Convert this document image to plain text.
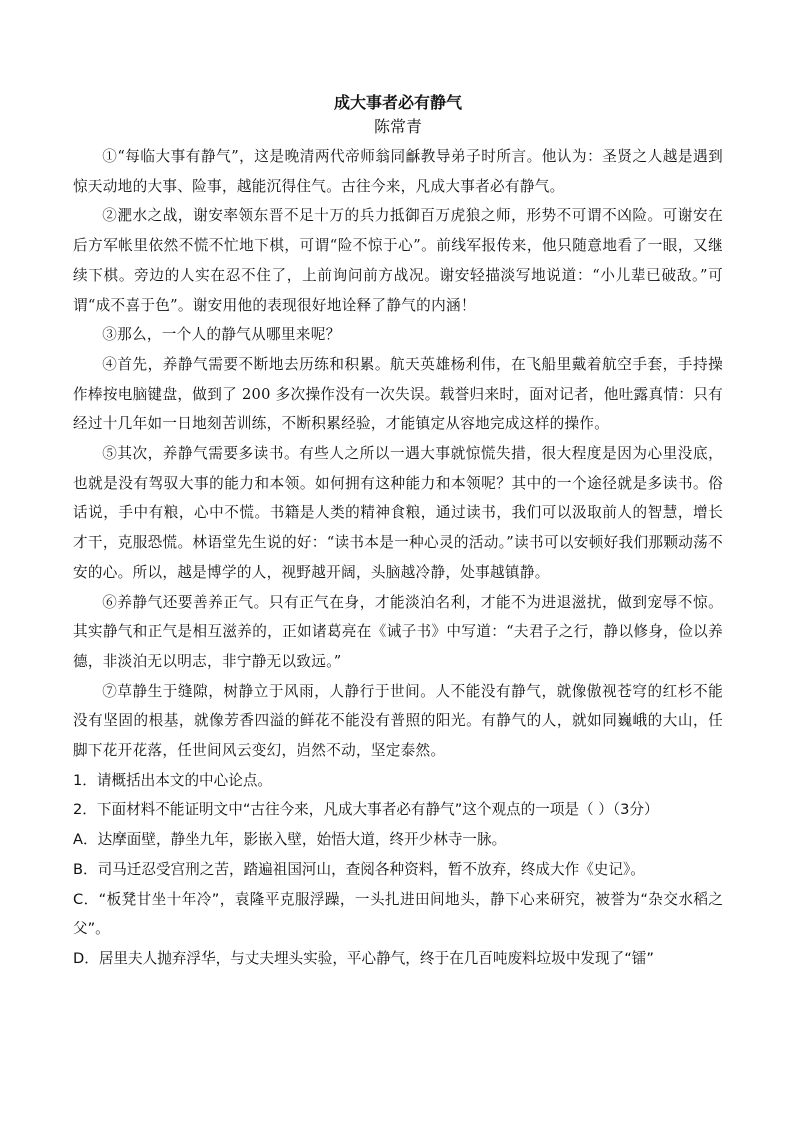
成大事者必有静气
陈常青

①“每临大事有静气”，这是晚清两代帝师翁同龢教导弟子时所言。他认为：圣贤之人越是遇到惊天动地的大事、险事，越能沉得住气。古往今来，凡成大事者必有静气。

②淝水之战，谢安率领东晋不足十万的兵力抵御百万虎狼之师，形势不可谓不凶险。可谢安在后方军帐里依然不慌不忙地下棋，可谓“险不惊于心”。前线军报传来，他只随意地看了一眼，又继续下棋。旁边的人实在忍不住了，上前询问前方战况。谢安轻描淡写地说道：“小儿辈已破敌。”可谓“成不喜于色”。谢安用他的表现很好地诠释了静气的内涵！

③那么，一个人的静气从哪里来呢？

④首先，养静气需要不断地去历练和积累。航天英雄杨利伟，在飞船里戴着航空手套，手持操作棒按电脑键盘，做到了 200 多次操作没有一次失误。载誉归来时，面对记者，他吐露真情：只有经过十几年如一日地刻苦训练，不断积累经验，才能镇定从容地完成这样的操作。

⑤其次，养静气需要多读书。有些人之所以一遇大事就惊慌失措，很大程度是因为心里没底，也就是没有驾驭大事的能力和本领。如何拥有这种能力和本领呢？其中的一个途径就是多读书。俗话说，手中有粮，心中不慌。书籍是人类的精神食粮，通过读书，我们可以汲取前人的智慧，增长才干，克服恐慌。林语堂先生说的好：“读书本是一种心灵的活动。”读书可以安顿好我们那颗动荡不安的心。所以，越是博学的人，视野越开阔，头脑越冷静，处事越镇静。

⑥养静气还要善养正气。只有正气在身，才能淡泊名利，才能不为进退滋扰，做到宠辱不惊。其实静气和正气是相互滋养的，正如诸葛亮在《诫子书》中写道：“夫君子之行，静以修身，俭以养德，非淡泊无以明志，非宁静无以致远。”

⑦草静生于缝隙，树静立于风雨，人静行于世间。人不能没有静气，就像傲视苍穹的红杉不能没有坚固的根基，就像芳香四溢的鲜花不能没有普照的阳光。有静气的人，就如同巍峨的大山，任脚下花开花落，任世间风云变幻，岿然不动，坚定泰然。

1．请概括出本文的中心论点。

2．下面材料不能证明文中“古往今来，凡成大事者必有静气”这个观点的一项是（ ）（3分）

A．达摩面壁，静坐九年，影嵌入壁，始悟大道，终开少林寺一脉。

B．司马迁忍受宫刑之苦，踏遍祖国河山，查阅各种资料，暂不放弃，终成大作《史记》。

C．“板凳甘坐十年冷”，袁隆平克服浮躁，一头扎进田间地头，静下心来研究，被誉为“杂交水稻之父”。

D．居里夫人抛弃浮华，与丈夫埋头实验，平心静气，终于在几百吨废料垃圾中发现了“镭”
